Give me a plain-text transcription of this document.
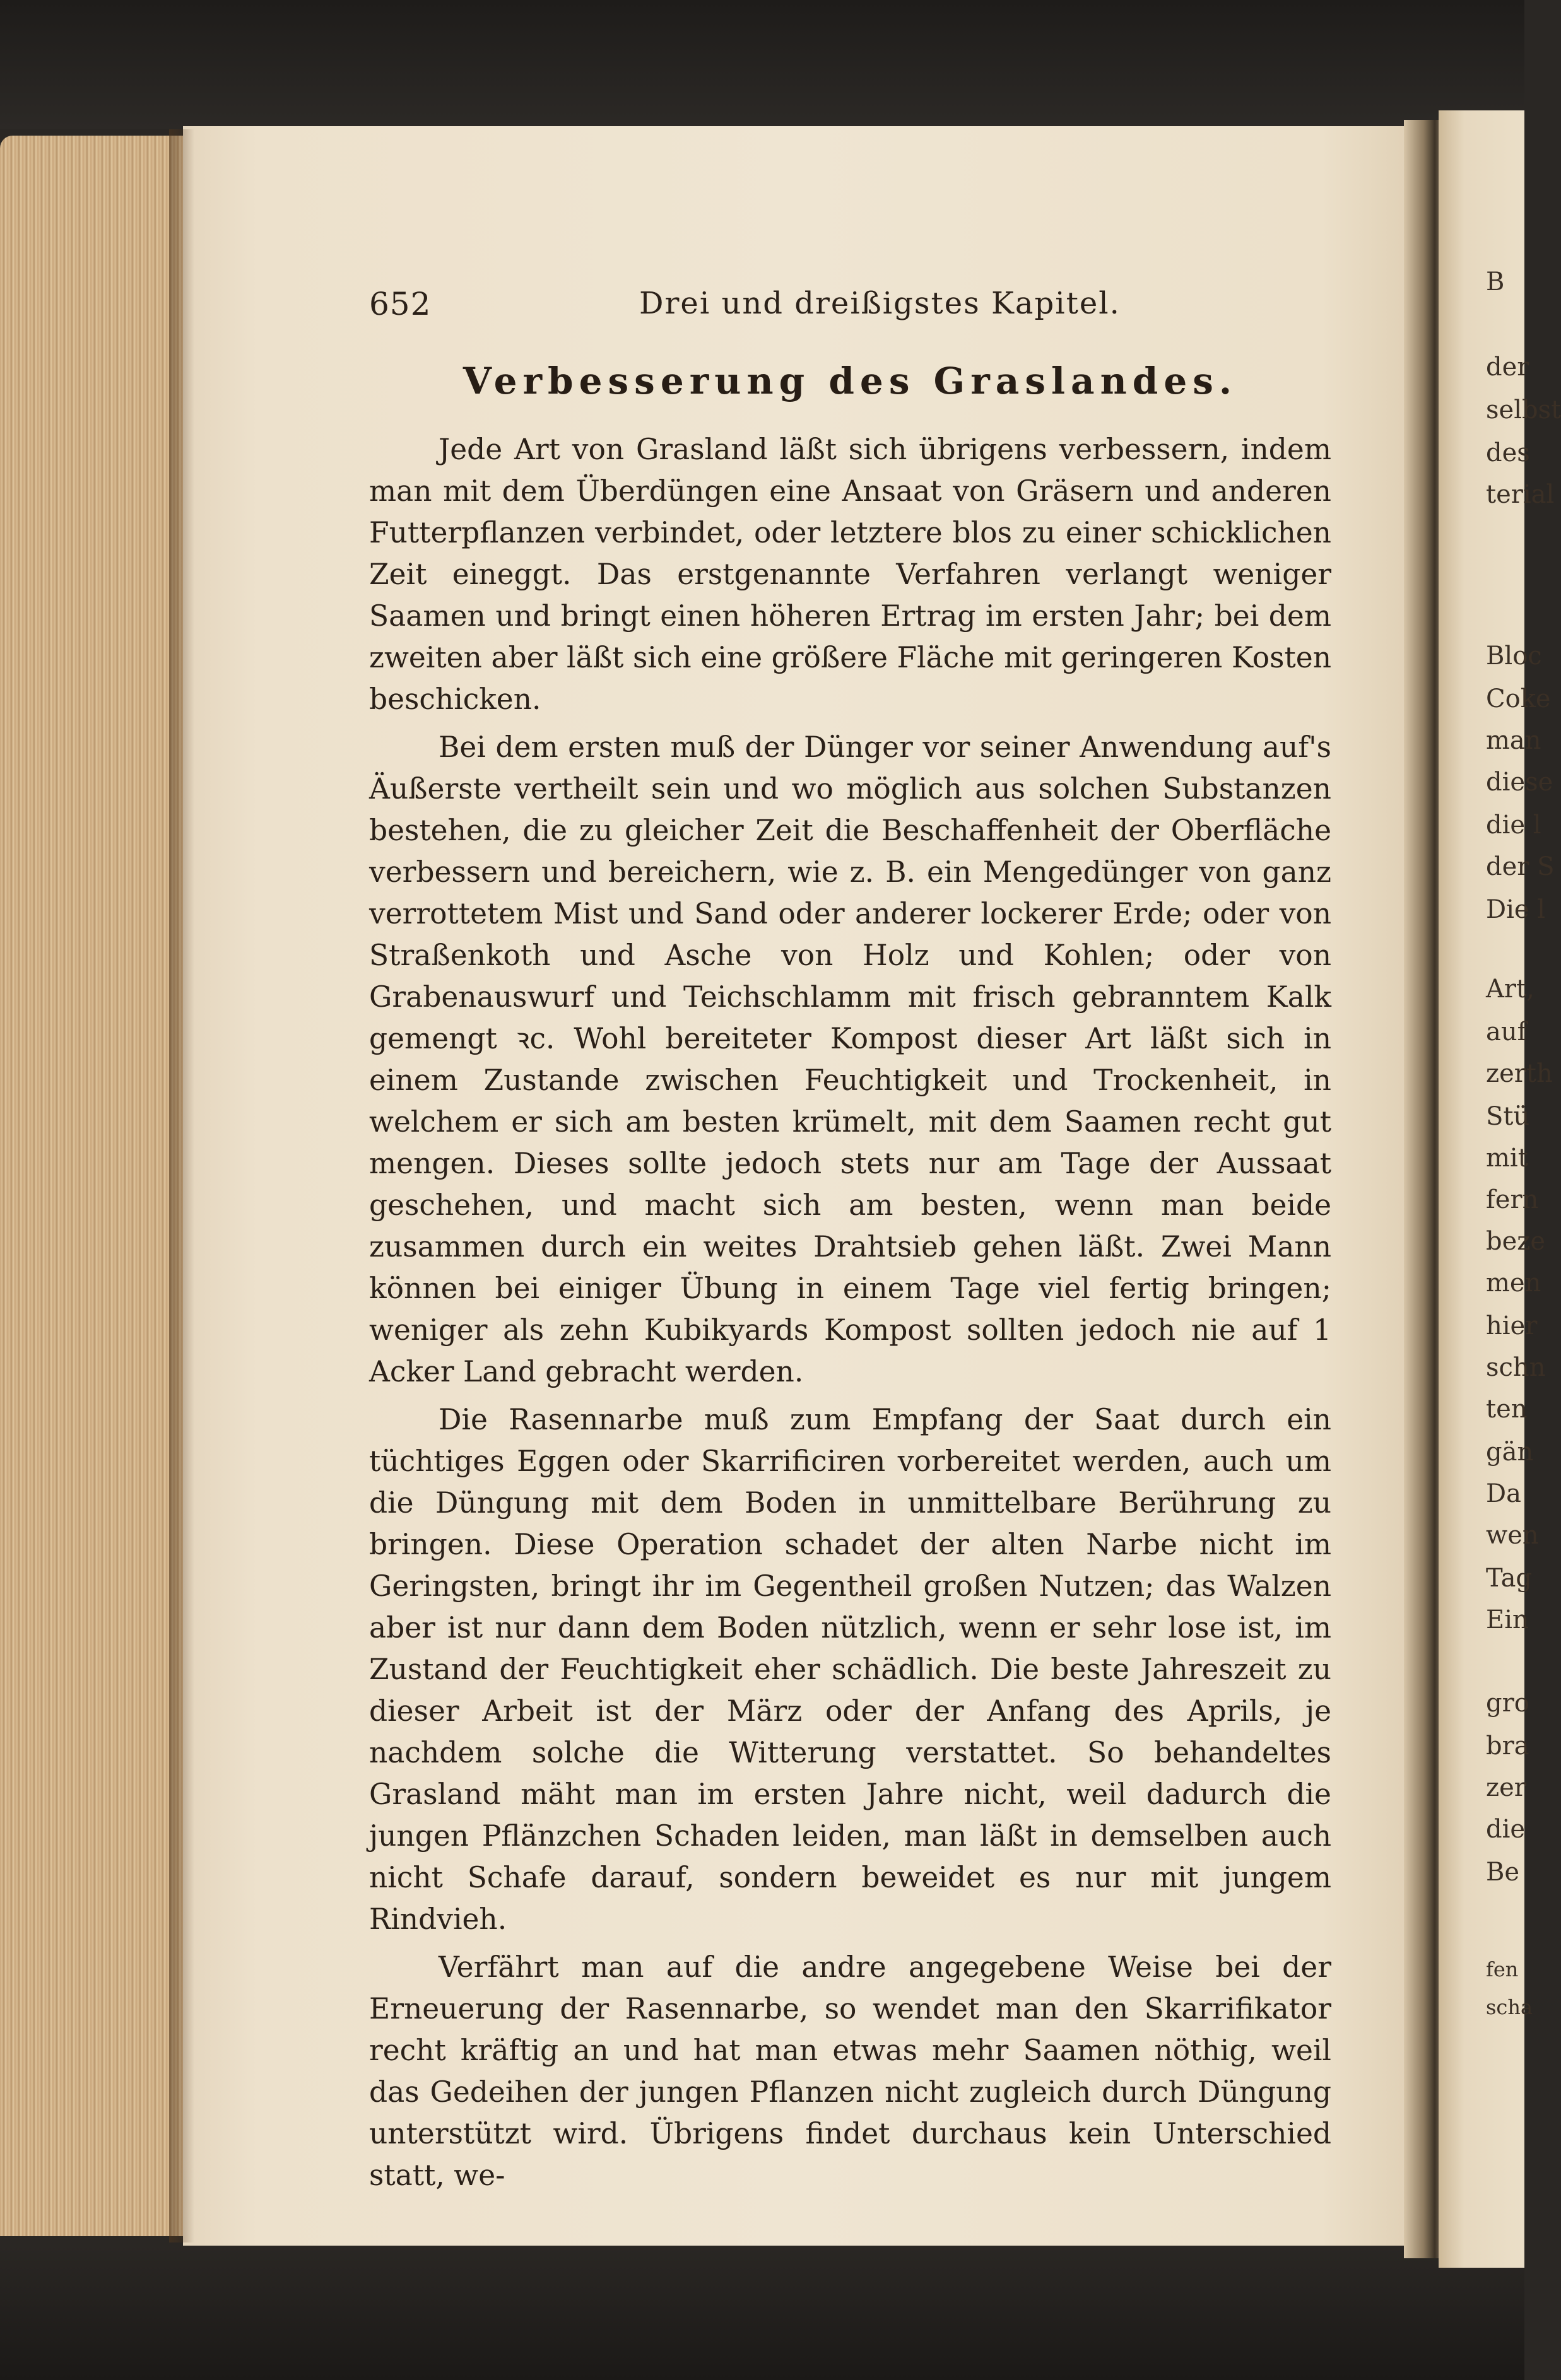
B
der
selbst
des
terial
Bloc
Coke
man
diese
die l
der S
Die l
Art,
auf
zerth
Stü
mit
fern
beze
men
hier
schn
ten
gän
Da
wen
Tag
Ein
gro
bra
zer
die
Be
fen
scha
652	Drei und dreißigstes Kapitel.
Verbesserung des Graslandes.

Jede Art von Grasland läßt sich übrigens verbessern, indem man mit dem Überdüngen eine Ansaat von Gräsern und anderen Futterpflanzen verbindet, oder letztere blos zu einer schicklichen Zeit eineggt. Das erstgenannte Verfahren verlangt weniger Saamen und bringt einen höheren Ertrag im ersten Jahr; bei dem zweiten aber läßt sich eine größere Fläche mit geringeren Kosten beschicken.

Bei dem ersten muß der Dünger vor seiner Anwendung auf's Äußerste vertheilt sein und wo möglich aus solchen Substanzen bestehen, die zu gleicher Zeit die Beschaffenheit der Oberfläche verbessern und bereichern, wie z. B. ein Mengedünger von ganz verrottetem Mist und Sand oder anderer lockerer Erde; oder von Straßenkoth und Asche von Holz und Kohlen; oder von Grabenauswurf und Teichschlamm mit frisch gebranntem Kalk gemengt ꝛc. Wohl bereiteter Kompost dieser Art läßt sich in einem Zustande zwischen Feuchtigkeit und Trockenheit, in welchem er sich am besten krümelt, mit dem Saamen recht gut mengen. Dieses sollte jedoch stets nur am Tage der Aussaat geschehen, und macht sich am besten, wenn man beide zusammen durch ein weites Drahtsieb gehen läßt. Zwei Mann können bei einiger Übung in einem Tage viel fertig bringen; weniger als zehn Kubikyards Kompost sollten jedoch nie auf 1 Acker Land gebracht werden.

Die Rasennarbe muß zum Empfang der Saat durch ein tüchtiges Eggen oder Skarrificiren vorbereitet werden, auch um die Düngung mit dem Boden in unmittelbare Berührung zu bringen. Diese Operation schadet der alten Narbe nicht im Geringsten, bringt ihr im Gegentheil großen Nutzen; das Walzen aber ist nur dann dem Boden nützlich, wenn er sehr lose ist, im Zustand der Feuchtigkeit eher schädlich. Die beste Jahreszeit zu dieser Arbeit ist der März oder der Anfang des Aprils, je nachdem solche die Witterung verstattet. So behandeltes Grasland mäht man im ersten Jahre nicht, weil dadurch die jungen Pflänzchen Schaden leiden, man läßt in demselben auch nicht Schafe darauf, sondern beweidet es nur mit jungem Rindvieh.

Verfährt man auf die andre angegebene Weise bei der Erneuerung der Rasennarbe, so wendet man den Skarrifikator recht kräftig an und hat man etwas mehr Saamen nöthig, weil das Gedeihen der jungen Pflanzen nicht zugleich durch Düngung unterstützt wird. Übrigens findet durchaus kein Unterschied statt, we-
